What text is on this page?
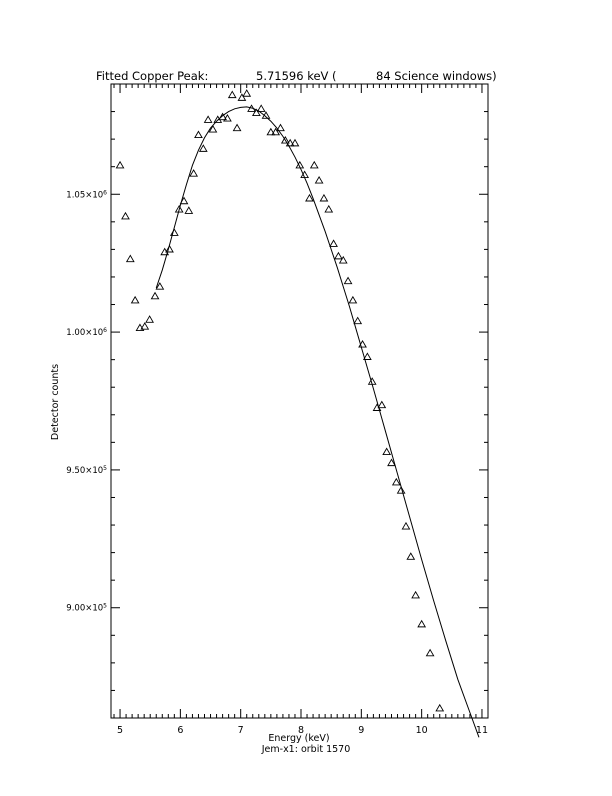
Fitted Copper Peak:	5.71596 keV (	84 Science windows)
5	6	7	8	9	10	11
$9.00\times 10^5$
$9.50\times 10^5$
$1.00\times 10^6$
$1.05\times 10^6$
Energy (keV)
Jem-x1: orbit 1570
Detector counts
